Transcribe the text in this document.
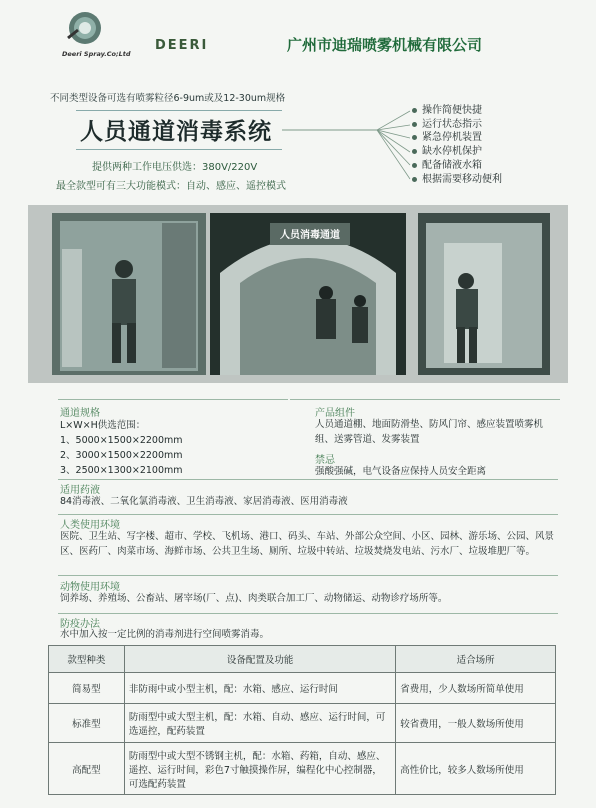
Deeri Spray.Co;Ltd
DEERI	广州市迪瑞喷雾机械有限公司
不同类型设备可选有喷雾粒径6-9um或及12-30um规格
人员通道消毒系统
提供两种工作电压供选：380V/220V
最全款型可有三大功能模式：自动、感应、遥控模式
操作简便快捷
运行状态指示
紧急停机装置
缺水停机保护
配备储液水箱
根据需要移动便利
人员消毒通道
通道规格
L×W×H供选范围：
1、5000×1500×2200mm
2、3000×1500×2200mm
3、2500×1300×2100mm
产品组件
人员通道棚、地面防滑垫、防风门帘、感应装置喷雾机组、送雾管道、发雾装置
禁忌
强酸强碱，电气设备应保持人员安全距离
适用药液
84消毒液、二氧化氯消毒液、卫生消毒液、家居消毒液、医用消毒液
人类使用环境
医院、卫生站、写字楼、超市、学校、飞机场、港口、码头、车站、外部公众空间、小区、园林、游乐场、公园、风景区、医药厂、肉菜市场、海鲜市场、公共卫生场、厕所、垃圾中转站、垃圾焚烧发电站、污水厂、垃圾堆肥厂等。
动物使用环境
饲养场、养殖场、公畜站、屠宰场(厂、点)、肉类联合加工厂、动物储运、动物诊疗场所等。
防疫办法
水中加入按一定比例的消毒剂进行空间喷雾消毒。
款型种类	设备配置及功能	适合场所
简易型	非防雨中或小型主机，配：水箱、感应、运行时间	省费用，少人数场所简单使用
标准型	防雨型中或大型主机，配：水箱、自动、感应、运行时间，可选遥控，配药装置	较省费用，一般人数场所使用
高配型	防雨型中或大型不锈钢主机，配：水箱、药箱，自动、感应、遥控、运行时间，彩色7寸触摸操作屏，编程化中心控制器，可选配药装置	高性价比，较多人数场所使用
